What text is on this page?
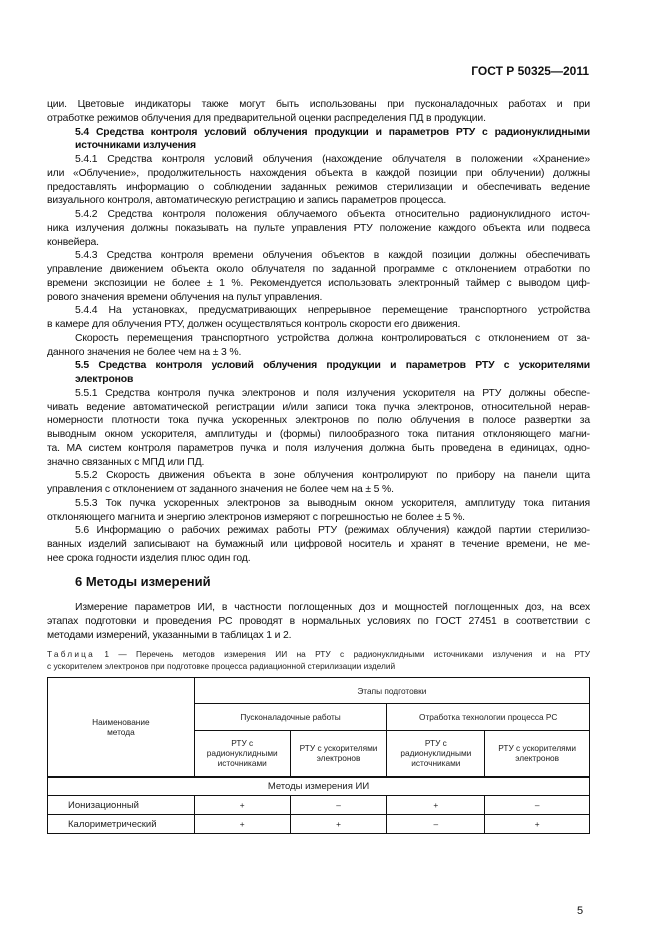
ГОСТ Р 50325—2011
ции. Цветовые индикаторы также могут быть использованы при пусконаладочных работах и при
отработке режимов облучения для предварительной оценки распределения ПД в продукции.
5.4 Средства контроля условий облучения продукции и параметров РТУ с радионуклидными
источниками излучения
5.4.1 Средства контроля условий облучения (нахождение облучателя в положении «Хранение»
или «Облучение», продолжительность нахождения объекта в каждой позиции при облучении) должны
предоставлять информацию о соблюдении заданных режимов стерилизации и обеспечивать ведение
визуального контроля, автоматическую регистрацию и запись параметров процесса.
5.4.2 Средства контроля положения облучаемого объекта относительно радионуклидного источ-
ника излучения должны показывать на пульте управления РТУ положение каждого объекта или подвеса
конвейера.
5.4.3 Средства контроля времени облучения объектов в каждой позиции должны обеспечивать
управление движением объекта около облучателя по заданной программе с отклонением отработки по
времени экспозиции не более ± 1 %. Рекомендуется использовать электронный таймер с выводом циф-
рового значения времени облучения на пульт управления.
5.4.4 На установках, предусматривающих непрерывное перемещение транспортного устройства
в камере для облучения РТУ, должен осуществляться контроль скорости его движения.
Скорость перемещения транспортного устройства должна контролироваться с отклонением от за-
данного значения не более чем на ± 3 %.
5.5 Средства контроля условий облучения продукции и параметров РТУ с ускорителями
электронов
5.5.1 Средства контроля пучка электронов и поля излучения ускорителя на РТУ должны обеспе-
чивать ведение автоматической регистрации и/или записи тока пучка электронов, относительной нерав-
номерности плотности тока пучка ускоренных электронов по полю облучения в полосе развертки за
выводным окном ускорителя, амплитуды и (формы) пилообразного тока питания отклоняющего магни-
та. МА систем контроля параметров пучка и поля излучения должна быть проведена в единицах, одно-
значно связанных с МПД или ПД.
5.5.2 Скорость движения объекта в зоне облучения контролируют по прибору на панели щита
управления с отклонением от заданного значения не более чем на ± 5 %.
5.5.3 Ток пучка ускоренных электронов за выводным окном ускорителя, амплитуду тока питания
отклоняющего магнита и энергию электронов измеряют с погрешностью не более ± 5 %.
5.6 Информацию о рабочих режимах работы РТУ (режимах облучения) каждой партии стерилизо-
ванных изделий записывают на бумажный или цифровой носитель и хранят в течение времени, не ме-
нее срока годности изделия плюс один год.
6 Методы измерений
Измерение параметров ИИ, в частности поглощенных доз и мощностей поглощенных доз, на всех
этапах подготовки и проведения РС проводят в нормальных условиях по ГОСТ 27451 в соответствии с
методами измерений, указанными в таблицах 1 и 2.
Таблица 1 — Перечень методов измерения ИИ на РТУ с радионуклидными источниками излучения и на РТУ
с ускорителем электронов при подготовке процесса радиационной стерилизации изделий
Наименование метода	Этапы подготовки			
	Пусконаладочные работы		Отработка технологии процесса РС	
	РТУ с радионуклидными источниками	РТУ с ускорителями электронов	РТУ с радионуклидными источниками	РТУ с ускорителями электронов
Методы измерения ИИ				
Ионизационный	+	–	+	–
Калориметрический	+	+	–	+
5
